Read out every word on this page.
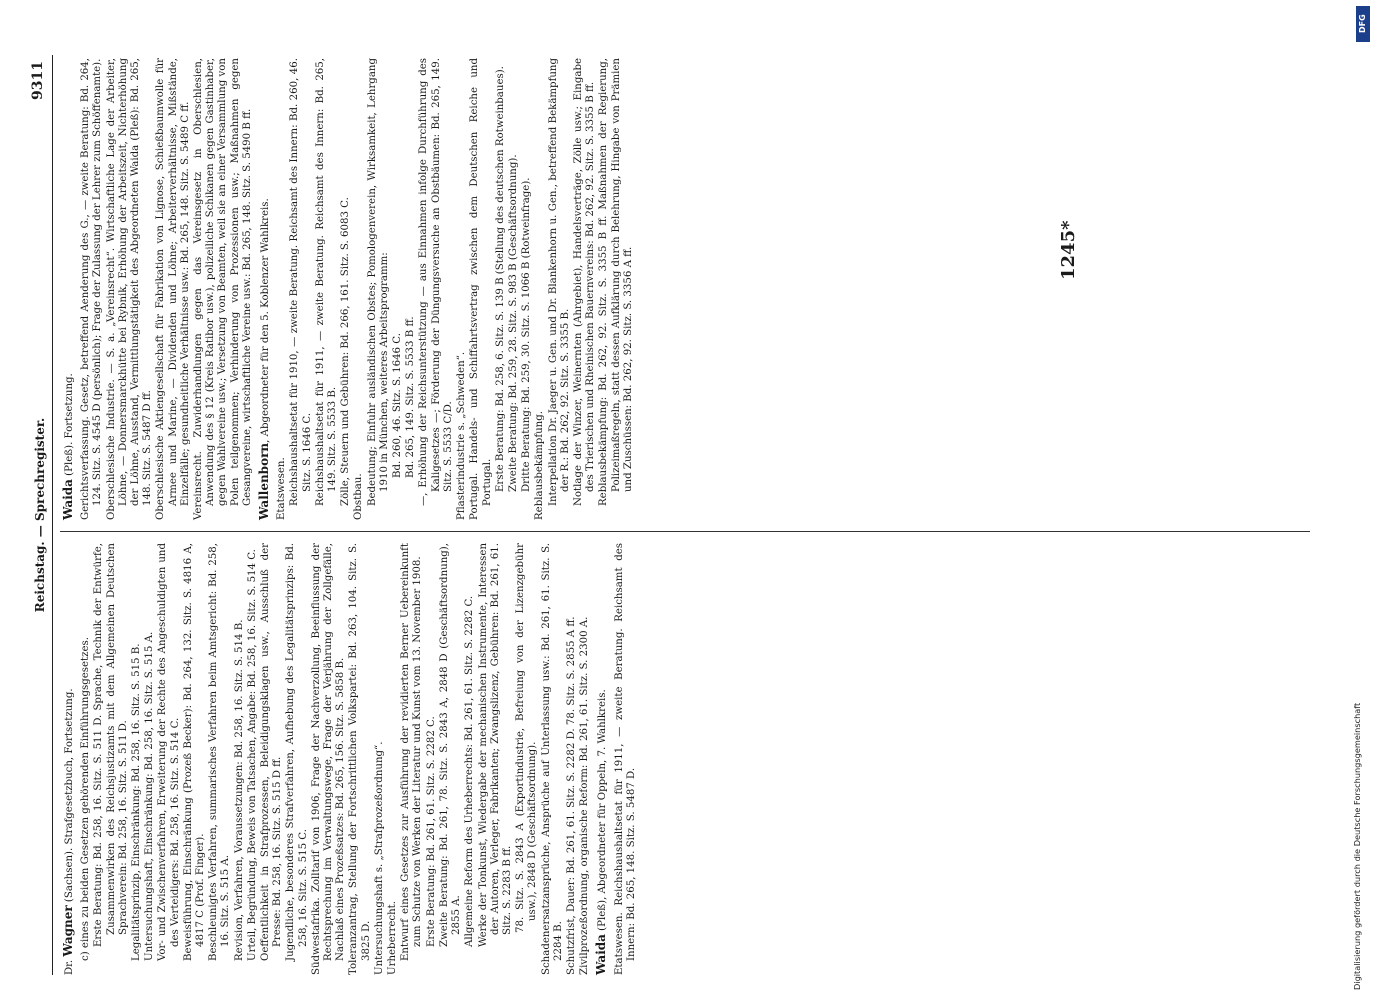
Reichstag. — Sprechregister.
9311

Dr. Wagner (Sachsen). Strafgesetzbuch, Fortsetzung. c) eines zu beiden Gesetzen gehörenden Einführungsgesetzes. Erste Beratung: Bd. 258, 16. Sitz. S. 511 D. Sprache, Technik der Entwürfe, Zusammenwirken des Reichsjustizamts mit dem Allgemeinen Deutschen Sprachverein: Bd. 258, 16. Sitz. S. 511 D. Legalitätsprinzip, Einschränkung: Bd. 258, 16. Sitz. S. 515 B. Untersuchungshaft, Einschränkung: Bd. 258, 16. Sitz. S. 515 A. Vor- und Zwischenverfahren, Erweiterung der Rechte des Angeschuldigten und des Verteidigers: Bd. 258, 16. Sitz. S. 514 C. Beweisführung, Einschränkung (Prozeß Becker): Bd. 264, 132. Sitz. S. 4816 A, 4817 C (Prof. Finger). Beschleunigtes Verfahren, summarisches Verfahren beim Amtsgericht: Bd. 258, 16. Sitz. S. 515 A. Revision, Verfahren, Voraussetzungen: Bd. 258, 16. Sitz. S. 514 B. Urteil, Begründung, Beweis von Tatsachen, Angabe: Bd. 258, 16. Sitz. S. 514 C. Oeffentlichkeit in Strafprozessen, Beleidigungsklagen usw., Ausschluß der Presse: Bd. 258, 16. Sitz. S. 515 D ff. Jugendliche, besonderes Strafverfahren, Aufhebung des Legalitätsprinzips: Bd. 258, 16. Sitz. S. 515 C. Südwestafrika. Zolltarif von 1906, Frage der Nachverzollung, Beeinflussung der Rechtsprechung im Verwaltungswege, Frage der Verjährung der Zollgefälle, Nachlaß eines Prozeßsatzes: Bd. 265, 156. Sitz. S. 5858 B. Toleranzantrag, Stellung der Fortschrittlichen Volkspartei: Bd. 263, 104. Sitz. S. 3825 D. Untersuchungshaft s. „Strafprozeßordnung“. Urheberrecht. Entwurf eines Gesetzes zur Ausführung der revidierten Berner Uebereinkunft zum Schutze von Werken der Literatur und Kunst vom 13. November 1908. Erste Beratung: Bd. 261, 61. Sitz. S. 2282 C. Zweite Beratung: Bd. 261, 78. Sitz. S. 2843 A, 2848 D (Geschäftsordnung), 2855 A. Allgemeine Reform des Urheberrechts: Bd. 261, 61. Sitz. S. 2282 C. Werke der Tonkunst, Wiedergabe der mechanischen Instrumente, Interessen der Autoren, Verleger, Fabrikanten; Zwangslizenz, Gebühren: Bd. 261, 61. Sitz. S. 2283 B ff. 78. Sitz. S. 2843 A (Exportindustrie, Befreiung von der Lizenzgebühr usw.), 2848 D (Geschäftsordnung). Schadenersatzansprüche, Ansprüche auf Unterlassung usw.: Bd. 261, 61. Sitz. S. 2284 B. Schutzfrist, Dauer: Bd. 261, 61. Sitz. S. 2282 D. 78. Sitz. S. 2855 A ff. Zivilprozeßordnung, organische Reform: Bd. 261, 61. Sitz. S. 2300 A. Waida (Pleß), Abgeordneter für Oppeln, 7. Wahlkreis. Etatswesen. Reichshaushaltsetat für 1911, — zweite Beratung. Reichsamt des Innern: Bd. 265, 148. Sitz. S. 5487 D.

Waida (Pleß). Fortsetzung. Gerichtsverfassung. Gesetz, betreffend Aenderung des G., — zweite Beratung: Bd. 264, 124. Sitz. S. 4545 D (persönlich); Frage der Zulassung der Lehrer zum Schöffenamte). Oberschlesische Industrie. — S. a. „Vereinsrecht“. Wirtschaftliche Lage der Arbeiter, Löhne, — Donnersmarckhütte bei Rybnik, Erhöhung der Arbeitszeit, Nichterhöhung der Löhne, Ausstand, Vermittlungstätigkeit des Abgeordneten Waida (Pleß): Bd. 265, 148. Sitz. S. 5487 D ff. Oberschlesische Aktiengesellschaft für Fabrikation von Lignose, Schießbaumwolle für Armee und Marine, — Dividenden und Löhne; Arbeiterverhältnisse, Mißstände, Einzelfälle; gesundheitliche Verhältnisse usw.: Bd. 265, 148. Sitz. S. 5489 C ff. Vereinsrecht. Zuwiderhandlungen gegen das Vereinsgesetz in Oberschlesien, Anwendung des § 12 (Kreis Ratibor usw.), polizeiliche Schikanen gegen Gastinhaber, gegen Wahlvereine usw.; Versetzung von Beamten, weil sie an einer Versammlung von Polen teilgenommen; Verhinderung von Prozessionen usw.; Maßnahmen gegen Gesangvereine, wirtschaftliche Vereine usw.: Bd. 265, 148. Sitz. S. 5490 B ff. Wallenborn, Abgeordneter für den 5. Koblenzer Wahlkreis.

Etatswesen. Reichshaushaltsetat für 1910, — zweite Beratung. Reichsamt des Innern: Bd. 260, 46. Sitz. S. 1646 C. Reichshaushaltsetat für 1911, — zweite Beratung. Reichsamt des Innern: Bd. 265, 149. Sitz. S. 5533 B. Zölle, Steuern und Gebühren: Bd. 266, 161. Sitz. S. 6083 C. Obstbau. Bedeutung; Einfuhr ausländischen Obstes; Pomologenverein, Wirksamkeit, Lehrgang 1910 in München, weiteres Arbeitsprogramm: Bd. 260, 46. Sitz. S. 1646 C. Bd. 265, 149. Sitz. S. 5533 B ff. —, Erhöhung der Reichsunterstützung — aus Einnahmen infolge Durchführung des Kaligesetzes —; Förderung der Düngungsversuche an Obstbäumen: Bd. 265, 149. Sitz. S. 5533 C/D. Pflasterindustrie s. „Schweden“. Portugal. Handels- und Schiffahrtsvertrag zwischen dem Deutschen Reiche und Portugal. Erste Beratung: Bd. 258, 6. Sitz. S. 139 B (Stellung des deutschen Rotweinbaues). Zweite Beratung: Bd. 259, 28. Sitz. S. 983 B (Geschäftsordnung). Dritte Beratung: Bd. 259, 30. Sitz. S. 1066 B (Rotweinfrage). Reblausbekämpfung. Interpellation Dr. Jaeger u. Gen. und Dr. Blankenhorn u. Gen., betreffend Bekämpfung der R.: Bd. 262, 92. Sitz. S. 3355 B. Notlage der Winzer, Weinernten (Ahrgebiet), Handelsverträge, Zölle usw.; Eingabe des Trierischen und Rheinischen Bauernvereins: Bd. 262, 92. Sitz. S. 3355 B ff. Reblausbekämpfung: Bd. 262, 92. Sitz. S. 3355 B ff. Maßnahmen der Regierung, Polizeimaßregeln, statt dessen Aufklärung durch Belehrung, Hingabe von Prämien und Zuschüssen: Bd. 262, 92. Sitz. S. 3356 A ff.	1245*
Digitalisierung gefördert durch die Deutsche Forschungsgemeinschaft
DFG
